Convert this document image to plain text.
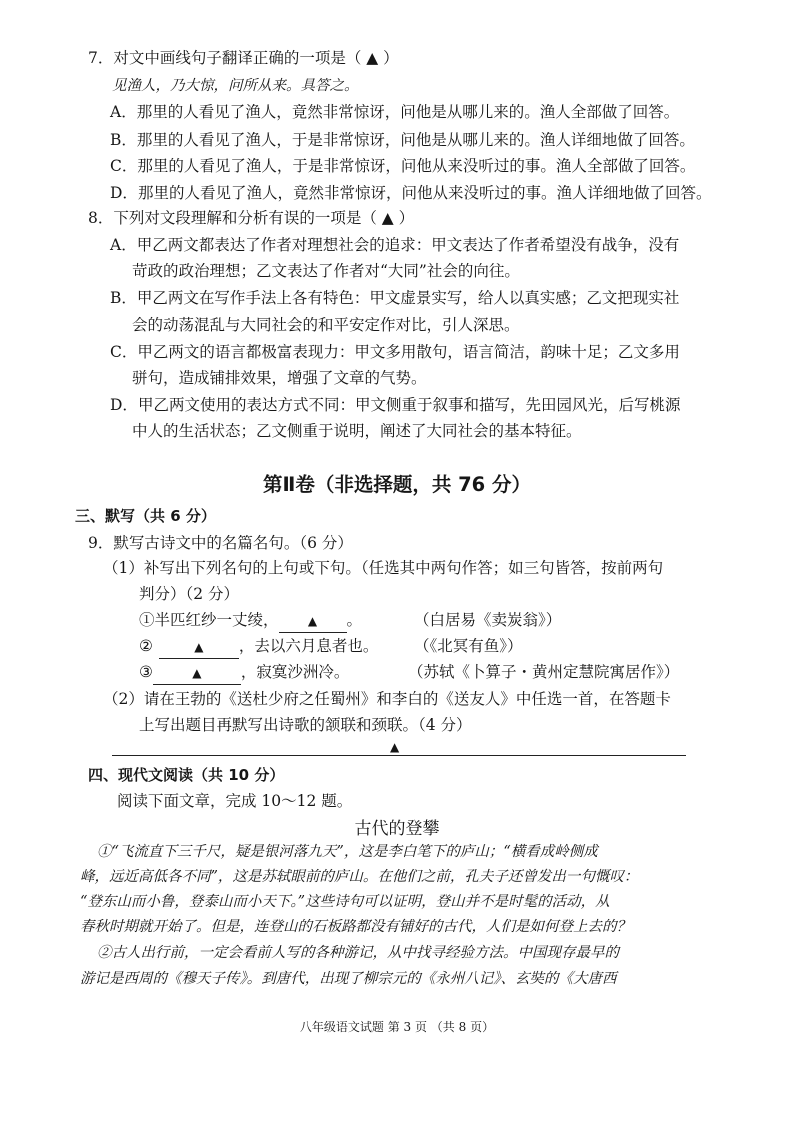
7．对文中画线句子翻译正确的一项是（ ▲ ）
见渔人，乃大惊，问所从来。具答之。
A．那里的人看见了渔人，竟然非常惊讶，问他是从哪儿来的。渔人全部做了回答。
B．那里的人看见了渔人，于是非常惊讶，问他是从哪儿来的。渔人详细地做了回答。
C．那里的人看见了渔人，于是非常惊讶，问他从来没听过的事。渔人全部做了回答。
D．那里的人看见了渔人，竟然非常惊讶，问他从来没听过的事。渔人详细地做了回答。
8．下列对文段理解和分析有误的一项是（ ▲ ）
A．甲乙两文都表达了作者对理想社会的追求：甲文表达了作者希望没有战争，没有
苛政的政治理想；乙文表达了作者对“大同”社会的向往。
B．甲乙两文在写作手法上各有特色：甲文虚景实写，给人以真实感；乙文把现实社
会的动荡混乱与大同社会的和平安定作对比，引人深思。
C．甲乙两文的语言都极富表现力：甲文多用散句，语言简洁，韵味十足；乙文多用
骈句，造成铺排效果，增强了文章的气势。
D．甲乙两文使用的表达方式不同：甲文侧重于叙事和描写，先田园风光，后写桃源
中人的生活状态；乙文侧重于说明，阐述了大同社会的基本特征。
第Ⅱ卷（非选择题，共 76 分）
三、默写（共 6 分）
9．默写古诗文中的名篇名句。（6 分）
（1）补写出下列名句的上句或下句。（任选其中两句作答；如三句皆答，按前两句
判分）（2 分）
①半匹红纱一丈绫， ▲ 。	（白居易《卖炭翁》）
②	▲ ，去以六月息者也。 （《北冥有鱼》）
③	▲	，寂寞沙洲冷。	（苏轼《卜算子・黄州定慧院寓居作》）
（2）请在王勃的《送杜少府之任蜀州》和李白的《送友人》中任选一首，在答题卡
上写出题目再默写出诗歌的颔联和颈联。（4 分）
▲
四、现代文阅读（共 10 分）
阅读下面文章，完成 10～12 题。
古代的登攀
①“飞流直下三千尺，疑是银河落九天”，这是李白笔下的庐山；“横看成岭侧成
峰，远近高低各不同”，这是苏轼眼前的庐山。在他们之前，孔夫子还曾发出一句慨叹：
“登东山而小鲁，登泰山而小天下。”这些诗句可以证明，登山并不是时髦的活动，从
春秋时期就开始了。但是，连登山的石板路都没有铺好的古代，人们是如何登上去的？
②古人出行前，一定会看前人写的各种游记，从中找寻经验方法。中国现存最早的
游记是西周的《穆天子传》。到唐代，出现了柳宗元的《永州八记》、玄奘的《大唐西
八年级语文试题 第 3 页 （共 8 页）
